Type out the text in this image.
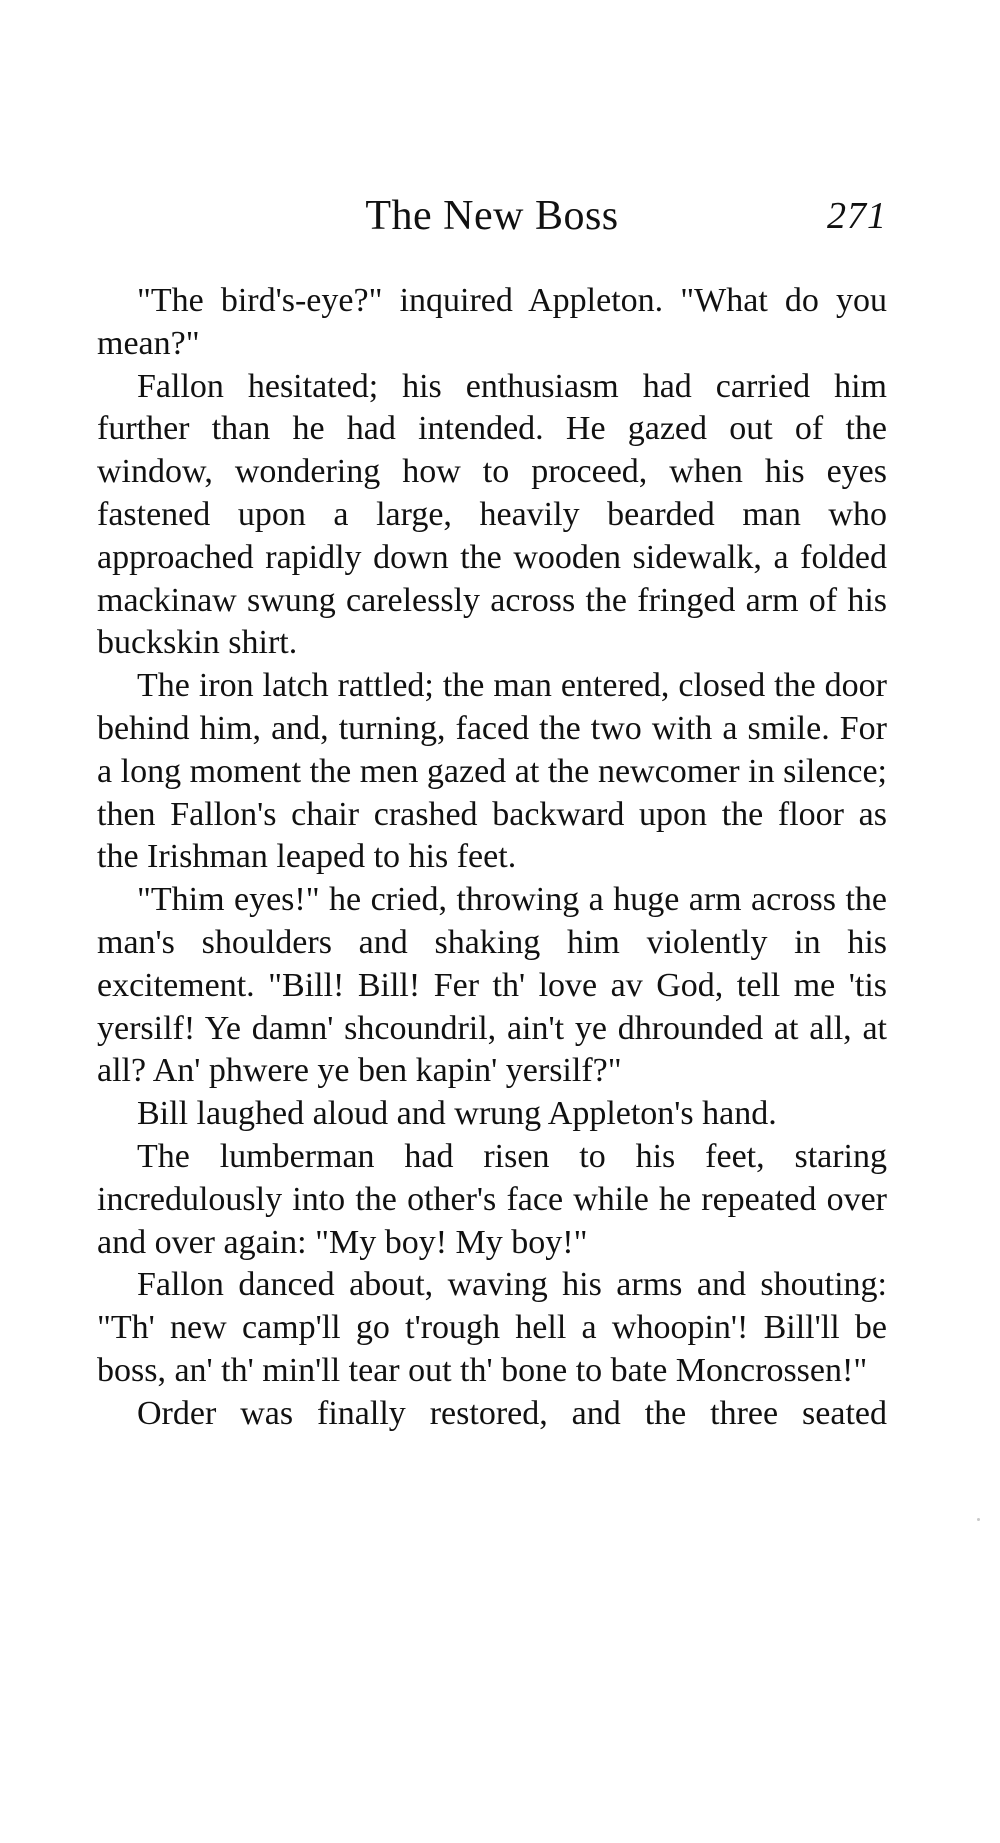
The New Boss	271

"The bird's-eye?" inquired Appleton. "What do you mean?"

Fallon hesitated; his enthusiasm had carried him further than he had intended. He gazed out of the window, wondering how to proceed, when his eyes fastened upon a large, heavily bearded man who approached rapidly down the wooden sidewalk, a folded mackinaw swung carelessly across the fringed arm of his buckskin shirt.

The iron latch rattled; the man entered, closed the door behind him, and, turning, faced the two with a smile. For a long moment the men gazed at the newcomer in silence; then Fallon's chair crashed backward upon the floor as the Irishman leaped to his feet.

"Thim eyes!" he cried, throwing a huge arm across the man's shoulders and shaking him violently in his excitement. "Bill! Bill! Fer th' love av God, tell me 'tis yersilf! Ye damn' shcoundril, ain't ye dhrounded at all, at all? An' phwere ye ben kapin' yersilf?"

Bill laughed aloud and wrung Appleton's hand.

The lumberman had risen to his feet, staring incredulously into the other's face while he repeated over and over again: "My boy! My boy!"

Fallon danced about, waving his arms and shouting: "Th' new camp'll go t'rough hell a whoopin'! Bill'll be boss, an' th' min'll tear out th' bone to bate Moncrossen!"

Order was finally restored, and the three seated
